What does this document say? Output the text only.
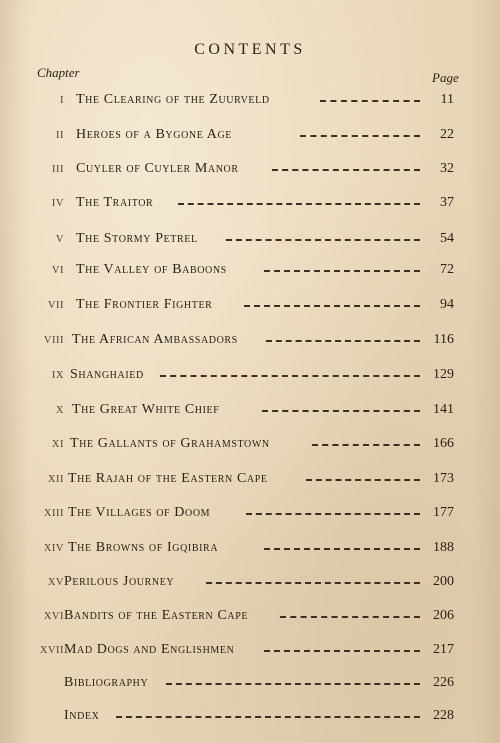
CONTENTS
Chapter	Page
I The Clearing of the Zuurveld	11
II Heroes of a Bygone Age	22
III Cuyler of Cuyler Manor	32
IV The Traitor	37
V The Stormy Petrel	54
VI The Valley of Baboons	72
VII The Frontier Fighter	94
VIII The African Ambassadors	116
IX Shanghaied	129
X The Great White Chief	141
XI The Gallants of Grahamstown	166
XII The Rajah of the Eastern Cape	173
XIII The Villages of Doom	177
XIV The Browns of Igqibira	188
XV Perilous Journey	200
XVI Bandits of the Eastern Cape	206
XVII Mad Dogs and Englishmen	217
Bibliography	226
Index	228
